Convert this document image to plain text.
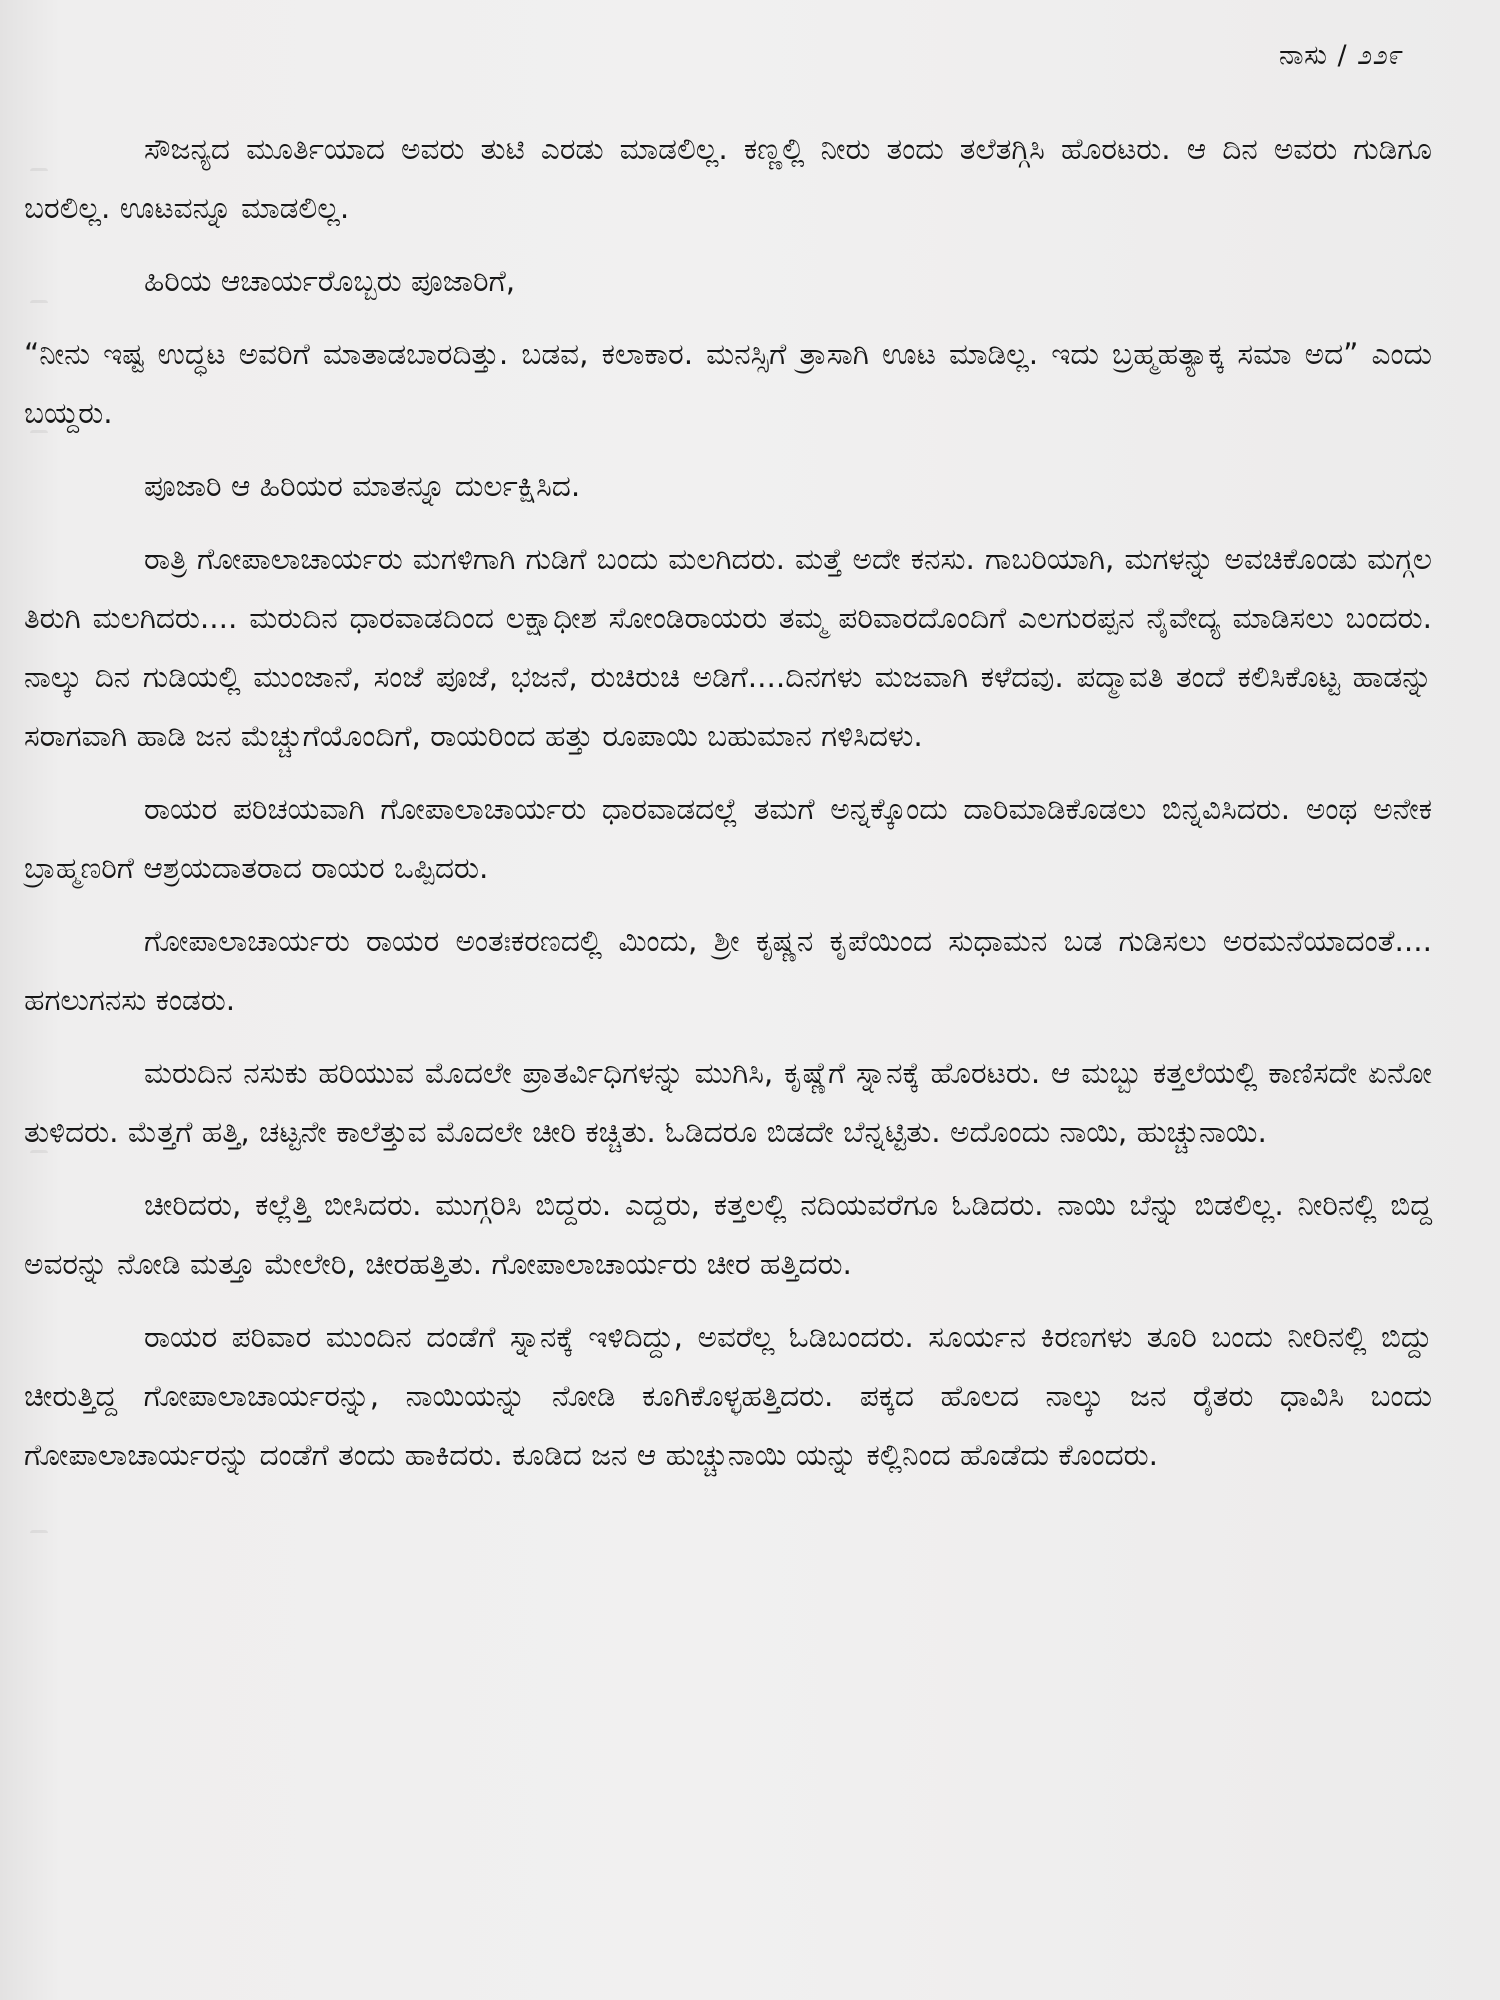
ನಾಸು / ೨೨೯

ಸೌಜನ್ಯದ ಮೂರ್ತಿಯಾದ ಅವರು ತುಟಿ ಎರಡು ಮಾಡಲಿಲ್ಲ. ಕಣ್ಣಲ್ಲಿ ನೀರು ತಂದು ತಲೆತಗ್ಗಿಸಿ ಹೊರಟರು. ಆ ದಿನ ಅವರು ಗುಡಿಗೂ ಬರಲಿಲ್ಲ. ಊಟವನ್ನೂ ಮಾಡಲಿಲ್ಲ.

ಹಿರಿಯ ಆಚಾರ್ಯರೊಬ್ಬರು ಪೂಜಾರಿಗೆ,

“ನೀನು ಇಷ್ಟ ಉದ್ಧಟ ಅವರಿಗೆ ಮಾತಾಡಬಾರದಿತ್ತು. ಬಡವ, ಕಲಾಕಾರ. ಮನಸ್ಸಿಗೆ ತ್ರಾಸಾಗಿ ಊಟ ಮಾಡಿಲ್ಲ. ಇದು ಬ್ರಹ್ಮಹತ್ಯಾಕ್ಕ ಸಮಾ ಅದ” ಎಂದು ಬಯ್ದರು.

ಪೂಜಾರಿ ಆ ಹಿರಿಯರ ಮಾತನ್ನೂ ದುರ್ಲಕ್ಷಿಸಿದ.

ರಾತ್ರಿ ಗೋಪಾಲಾಚಾರ್ಯರು ಮಗಳಿಗಾಗಿ ಗುಡಿಗೆ ಬಂದು ಮಲಗಿದರು. ಮತ್ತೆ ಅದೇ ಕನಸು. ಗಾಬರಿಯಾಗಿ, ಮಗಳನ್ನು ಅವಚಿಕೊಂಡು ಮಗ್ಗಲ ತಿರುಗಿ ಮಲಗಿದರು.... ಮರುದಿನ ಧಾರವಾಡದಿಂದ ಲಕ್ಷಾಧೀಶ ಸೋಂಡಿರಾಯರು ತಮ್ಮ ಪರಿವಾರದೊಂದಿಗೆ ಎಲಗುರಪ್ಪನ ನೈವೇದ್ಯ ಮಾಡಿಸಲು ಬಂದರು. ನಾಲ್ಕು ದಿನ ಗುಡಿಯಲ್ಲಿ ಮುಂಜಾನೆ, ಸಂಜೆ ಪೂಜೆ, ಭಜನೆ, ರುಚಿರುಚಿ ಅಡಿಗೆ....ದಿನಗಳು ಮಜವಾಗಿ ಕಳೆದವು. ಪದ್ಮಾವತಿ ತಂದೆ ಕಲಿಸಿಕೊಟ್ಟ ಹಾಡನ್ನು ಸರಾಗವಾಗಿ ಹಾಡಿ ಜನ ಮೆಚ್ಚುಗೆಯೊಂದಿಗೆ, ರಾಯರಿಂದ ಹತ್ತು ರೂಪಾಯಿ ಬಹುಮಾನ ಗಳಿಸಿದಳು.

ರಾಯರ ಪರಿಚಯವಾಗಿ ಗೋಪಾಲಾಚಾರ್ಯರು ಧಾರವಾಡದಲ್ಲೆ ತಮಗೆ ಅನ್ನಕ್ಕೊಂದು ದಾರಿಮಾಡಿಕೊಡಲು ಬಿನ್ನವಿಸಿದರು. ಅಂಥ ಅನೇಕ ಬ್ರಾಹ್ಮಣರಿಗೆ ಆಶ್ರಯದಾತರಾದ ರಾಯರ ಒಪ್ಪಿದರು.

ಗೋಪಾಲಾಚಾರ್ಯರು ರಾಯರ ಅಂತಃಕರಣದಲ್ಲಿ ಮಿಂದು, ಶ್ರೀ ಕೃಷ್ಣನ ಕೃಪೆಯಿಂದ ಸುಧಾಮನ ಬಡ ಗುಡಿಸಲು ಅರಮನೆಯಾದಂತೆ.... ಹಗಲುಗನಸು ಕಂಡರು.

ಮರುದಿನ ನಸುಕು ಹರಿಯುವ ಮೊದಲೇ ಪ್ರಾತರ್ವಿಧಿಗಳನ್ನು ಮುಗಿಸಿ, ಕೃಷ್ಣೆಗೆ ಸ್ನಾನಕ್ಕೆ ಹೊರಟರು. ಆ ಮಬ್ಬು ಕತ್ತಲೆಯಲ್ಲಿ ಕಾಣಿಸದೇ ಏನೋ ತುಳಿದರು. ಮೆತ್ತಗೆ ಹತ್ತಿ, ಚಟ್ಟನೇ ಕಾಲೆತ್ತುವ ಮೊದಲೇ ಚೀರಿ ಕಚ್ಚಿತು. ಓಡಿದರೂ ಬಿಡದೇ ಬೆನ್ನಟ್ಟಿತು. ಅದೊಂದು ನಾಯಿ, ಹುಚ್ಚುನಾಯಿ.

ಚೀರಿದರು, ಕಲ್ಲೆತ್ತಿ ಬೀಸಿದರು. ಮುಗ್ಗರಿಸಿ ಬಿದ್ದರು. ಎದ್ದರು, ಕತ್ತಲಲ್ಲಿ ನದಿಯವರೆಗೂ ಓಡಿದರು. ನಾಯಿ ಬೆನ್ನು ಬಿಡಲಿಲ್ಲ. ನೀರಿನಲ್ಲಿ ಬಿದ್ದ ಅವರನ್ನು ನೋಡಿ ಮತ್ತೂ ಮೇಲೇರಿ, ಚೀರಹತ್ತಿತು. ಗೋಪಾಲಾಚಾರ್ಯರು ಚೀರ ಹತ್ತಿದರು.

ರಾಯರ ಪರಿವಾರ ಮುಂದಿನ ದಂಡೆಗೆ ಸ್ನಾನಕ್ಕೆ ಇಳಿದಿದ್ದು, ಅವರೆಲ್ಲ ಓಡಿಬಂದರು. ಸೂರ್ಯನ ಕಿರಣಗಳು ತೂರಿ ಬಂದು ನೀರಿನಲ್ಲಿ ಬಿದ್ದು ಚೀರುತ್ತಿದ್ದ ಗೋಪಾಲಾಚಾರ್ಯರನ್ನು, ನಾಯಿಯನ್ನು ನೋಡಿ ಕೂಗಿಕೊಳ್ಳಹತ್ತಿದರು. ಪಕ್ಕದ ಹೊಲದ ನಾಲ್ಕು ಜನ ರೈತರು ಧಾವಿಸಿ ಬಂದು ಗೋಪಾಲಾಚಾರ್ಯರನ್ನು ದಂಡೆಗೆ ತಂದು ಹಾಕಿದರು. ಕೂಡಿದ ಜನ ಆ ಹುಚ್ಚುನಾಯಿ ಯನ್ನು ಕಲ್ಲಿನಿಂದ ಹೊಡೆದು ಕೊಂದರು.
